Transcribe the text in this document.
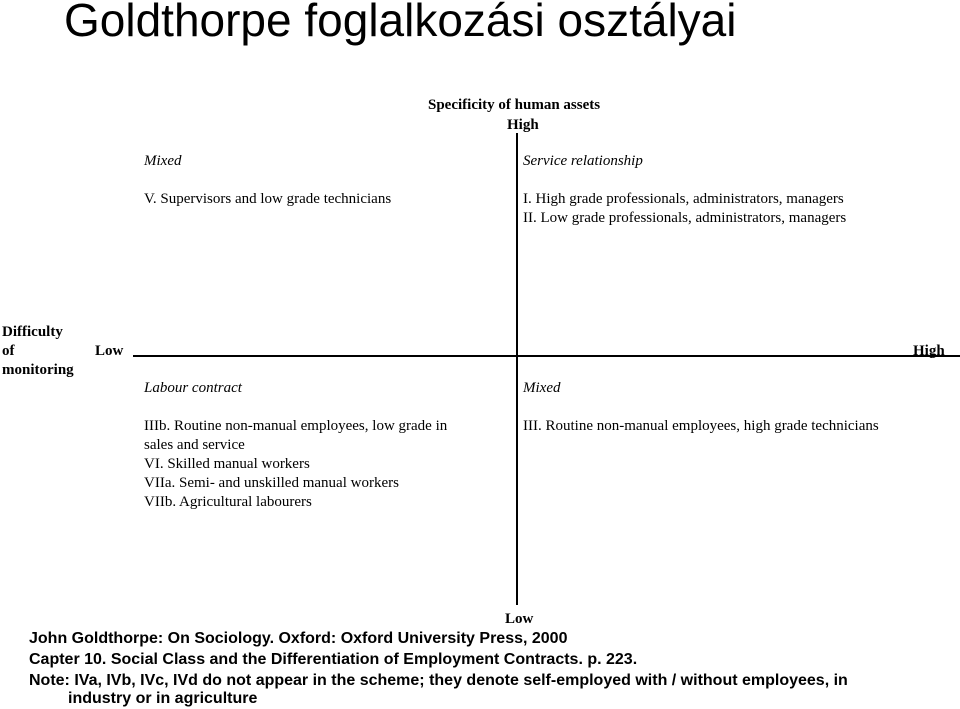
Goldthorpe foglalkozási osztályai
Specificity of human assets
High
Low
Difficulty
of
monitoring
Low	High
Mixed
V. Supervisors and low grade technicians
Service relationship
I. High grade professionals, administrators, managers
II. Low grade professionals, administrators, managers
Labour contract
IIIb. Routine non-manual employees, low grade in
sales and service
VI. Skilled manual workers
VIIa. Semi- and unskilled manual workers
VIIb. Agricultural labourers
Mixed
III. Routine non-manual employees, high grade technicians
John Goldthorpe: On Sociology. Oxford: Oxford University Press, 2000
Capter 10. Social Class and the Differentiation of Employment Contracts. p. 223.
Note: IVa, IVb, IVc, IVd do not appear in the scheme; they denote self-employed with / without employees, in
industry or in agriculture
